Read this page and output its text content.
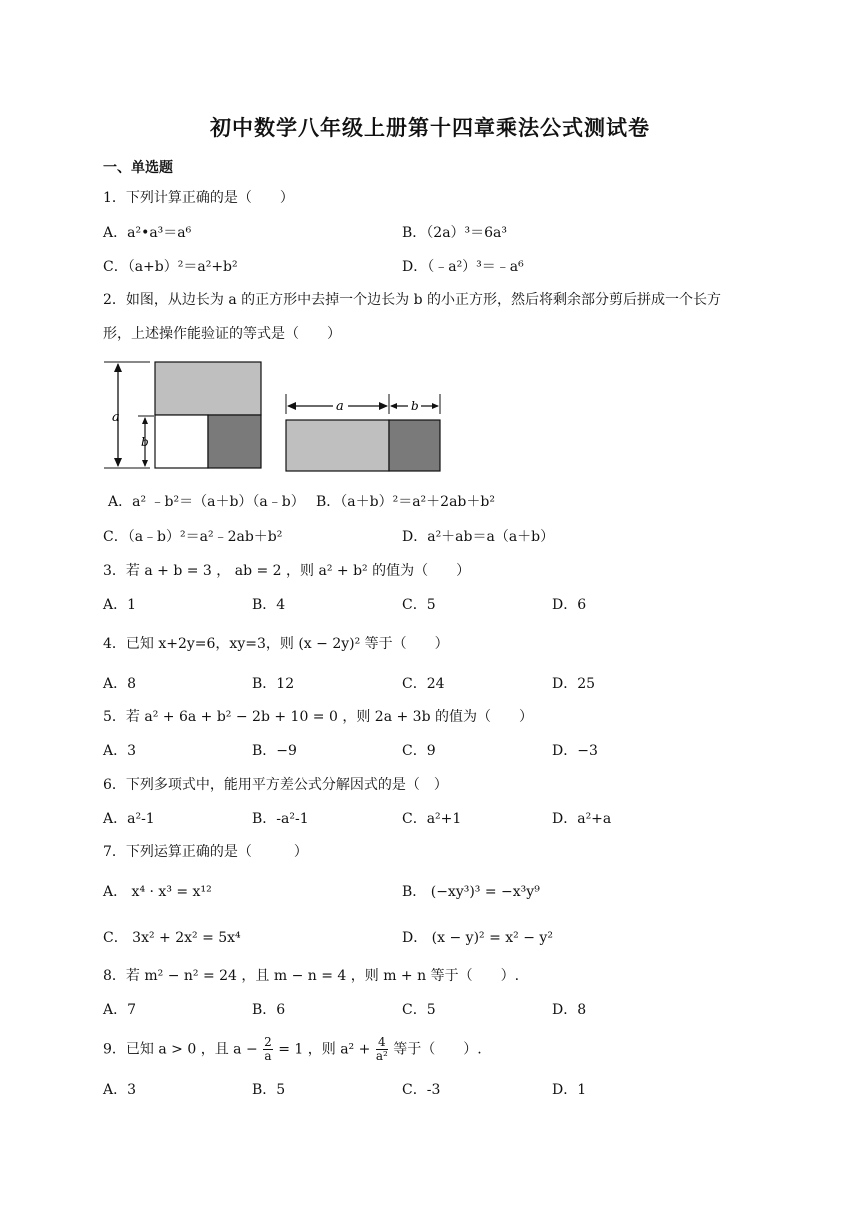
初中数学八年级上册第十四章乘法公式测试卷
一、单选题
1．下列计算正确的是（　　）
A．a²•a³＝a⁶	B．（2a）³＝6a³
C．（a+b）²＝a²+b²	D．（﹣a²）³＝﹣a⁶
2．如图，从边长为 a 的正方形中去掉一个边长为 b 的小正方形，然后将剩余部分剪后拼成一个长方
形，上述操作能验证的等式是（　　）
a
b
a	b
A．a² ﹣b²＝（a＋b）（a﹣b） B．（a＋b）²＝a²＋2ab＋b²
C．（a﹣b）²＝a²﹣2ab＋b²	D．a²＋ab＝a（a＋b）
3．若 a + b = 3 ， ab = 2 ，则 a² + b² 的值为（　　）
A．1	B．4	C．5	D．6
4．已知 x+2y=6，xy=3，则 (x − 2y)² 等于（　　）
A．8	B．12	C．24	D．25
5．若 a² + 6a + b² − 2b + 10 = 0 ，则 2a + 3b 的值为（　　）
A．3	B．−9	C．9	D．−3
6．下列多项式中，能用平方差公式分解因式的是（　）
A．a²-1	B．-a²-1	C．a²+1	D．a²+a
7．下列运算正确的是（　　　）
A． x⁴ · x³ = x¹²	B． (−xy³)³ = −x³y⁹
C． 3x² + 2x² = 5x⁴	D． (x − y)² = x² − y²
8．若 m² − n² = 24 ，且 m − n = 4 ，则 m + n 等于（　　）.
A．7	B．6	C．5	D．8
9．已知 a > 0 ，且 $a - \frac{2}{a} = 1$ ，则 $a^2 + \frac{4}{\text{a²}}$ 等于（　　）.
A．3	B．5	C．-3	D．1
